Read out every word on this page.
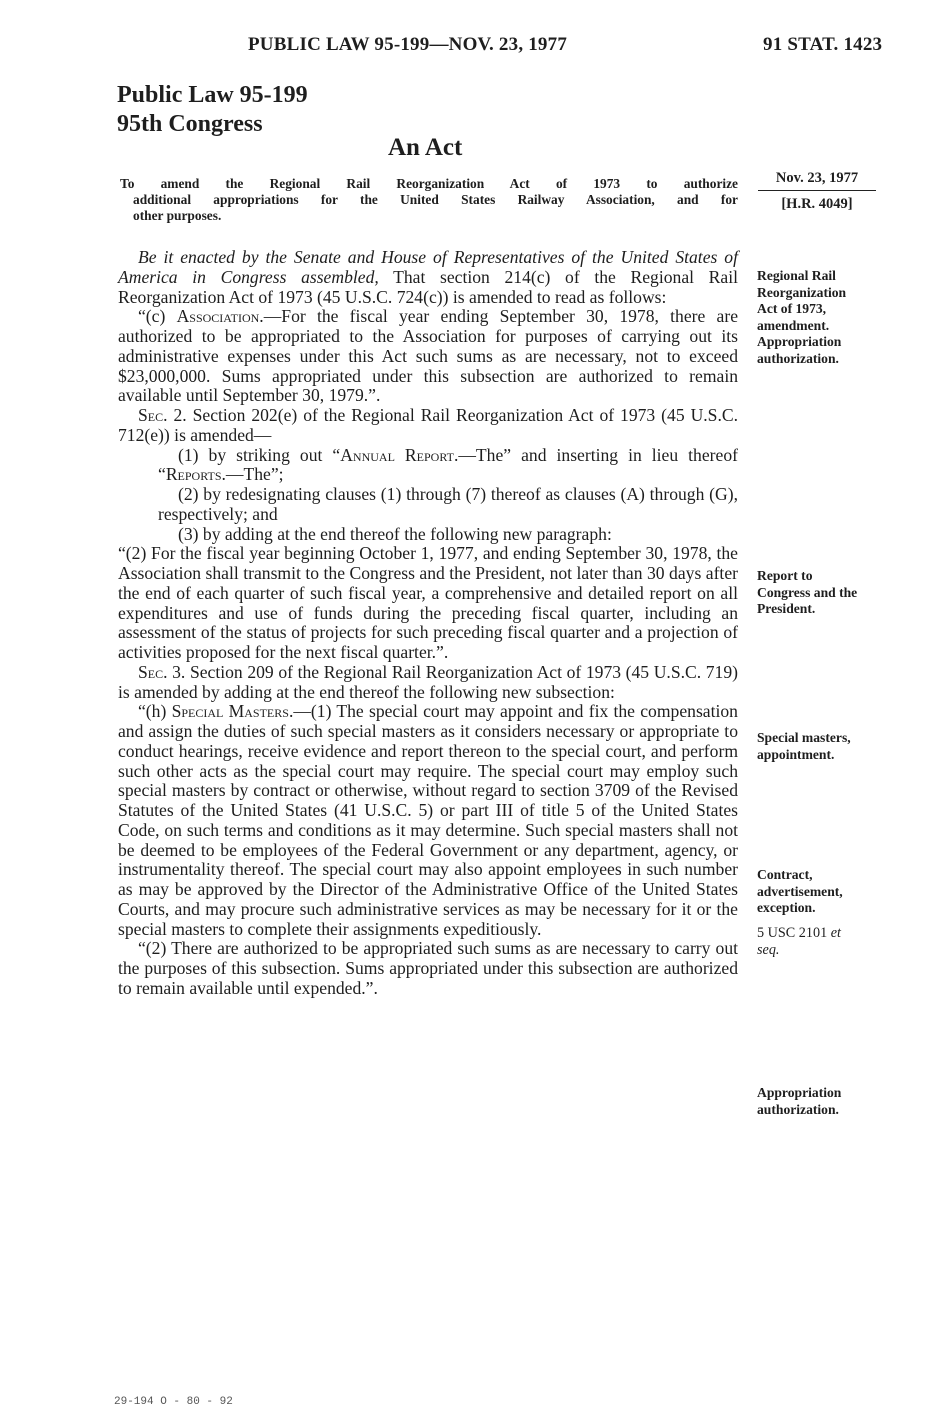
PUBLIC LAW 95-199—NOV. 23, 1977	91 STAT. 1423
Public Law 95-199
95th Congress
An Act
To amend the Regional Rail Reorganization Act of 1973 to authorize
additional appropriations for the United States Railway Association, and for
other purposes.
Nov. 23, 1977
[H.R. 4049]

Be it enacted by the Senate and House of Representatives of the United States of America in Congress assembled, That section 214(c) of the Regional Rail Reorganization Act of 1973 (45 U.S.C. 724(c)) is amended to read as follows:

“(c) Association.—For the fiscal year ending September 30, 1978, there are authorized to be appropriated to the Association for purposes of carrying out its administrative expenses under this Act such sums as are necessary, not to exceed $23,000,000. Sums appropriated under this subsection are authorized to remain available until September 30, 1979.”.

Sec. 2. Section 202(e) of the Regional Rail Reorganization Act of 1973 (45 U.S.C. 712(e)) is amended—

(1) by striking out “Annual Report.—The” and inserting in lieu thereof “Reports.—The”;

(2) by redesignating clauses (1) through (7) thereof as clauses (A) through (G), respectively; and

(3) by adding at the end thereof the following new paragraph:

“(2) For the fiscal year beginning October 1, 1977, and ending September 30, 1978, the Association shall transmit to the Congress and the President, not later than 30 days after the end of each quarter of such fiscal year, a comprehensive and detailed report on all expenditures and use of funds during the preceding fiscal quarter, including an assessment of the status of projects for such preceding fiscal quarter and a projection of activities proposed for the next fiscal quarter.”.

Sec. 3. Section 209 of the Regional Rail Reorganization Act of 1973 (45 U.S.C. 719) is amended by adding at the end thereof the following new subsection:

“(h) Special Masters.—(1) The special court may appoint and fix the compensation and assign the duties of such special masters as it considers necessary or appropriate to conduct hearings, receive evidence and report thereon to the special court, and perform such other acts as the special court may require. The special court may employ such special masters by contract or otherwise, without regard to section 3709 of the Revised Statutes of the United States (41 U.S.C. 5) or part III of title 5 of the United States Code, on such terms and conditions as it may determine. Such special masters shall not be deemed to be employees of the Federal Government or any department, agency, or instrumentality thereof. The special court may also appoint employees in such number as may be approved by the Director of the Administrative Office of the United States Courts, and may procure such administrative services as may be necessary for it or the special masters to complete their assignments expeditiously.

“(2) There are authorized to be appropriated such sums as are necessary to carry out the purposes of this subsection. Sums appropriated under this subsection are authorized to remain available until expended.”.

Regional Rail
Reorganization
Act of 1973,
amendment.
Appropriation
authorization.
Report to
Congress and the
President.
Special masters,
appointment.
Contract,
advertisement,
exception.
5 USC 2101 et
seq.
Appropriation
authorization.
29-194 O - 80 - 92
